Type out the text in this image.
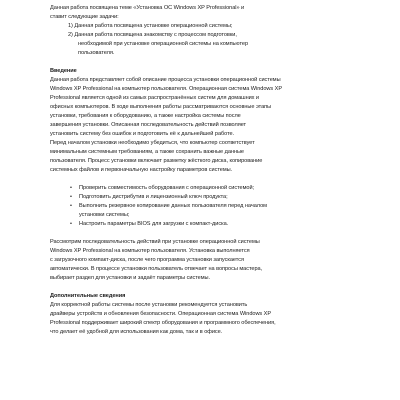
Данная работа посвящена теме «Установка ОС Windows XP Professional» и
ставит следующие задачи:
1) Данная работа посвящена установке операционной системы;
2) Данная работа посвящена знакомству с процессом подготовки,
необходимой при установке операционной системы на компьютер
пользователя.
Введение
Данная работа представляет собой описание процесса установки операционной системы
Windows XP Professional на компьютер пользователя. Операционная система Windows XP
Professional является одной из самых распространённых систем для домашних и
офисных компьютеров. В ходе выполнения работы рассматриваются основные этапы
установки, требования к оборудованию, а также настройка системы после
завершения установки. Описанная последовательность действий позволяет
установить систему без ошибок и подготовить её к дальнейшей работе.
Перед началом установки необходимо убедиться, что компьютер соответствует
минимальным системным требованиям, а также сохранить важные данные
пользователя. Процесс установки включает разметку жёсткого диска, копирование
системных файлов и первоначальную настройку параметров системы.
• Проверить совместимость оборудования с операционной системой;
• Подготовить дистрибутив и лицензионный ключ продукта;
• Выполнить резервное копирование данных пользователя перед началом
установки системы;
• Настроить параметры BIOS для загрузки с компакт-диска.
Рассмотрим последовательность действий при установке операционной системы
Windows XP Professional на компьютер пользователя. Установка выполняется
с загрузочного компакт-диска, после чего программа установки запускается
автоматически. В процессе установки пользователь отвечает на вопросы мастера,
выбирает раздел для установки и задаёт параметры системы.
Дополнительные сведения
Для корректной работы системы после установки рекомендуется установить
драйверы устройств и обновления безопасности. Операционная система Windows XP
Professional поддерживает широкий спектр оборудования и программного обеспечения,
что делает её удобной для использования как дома, так и в офисе.
